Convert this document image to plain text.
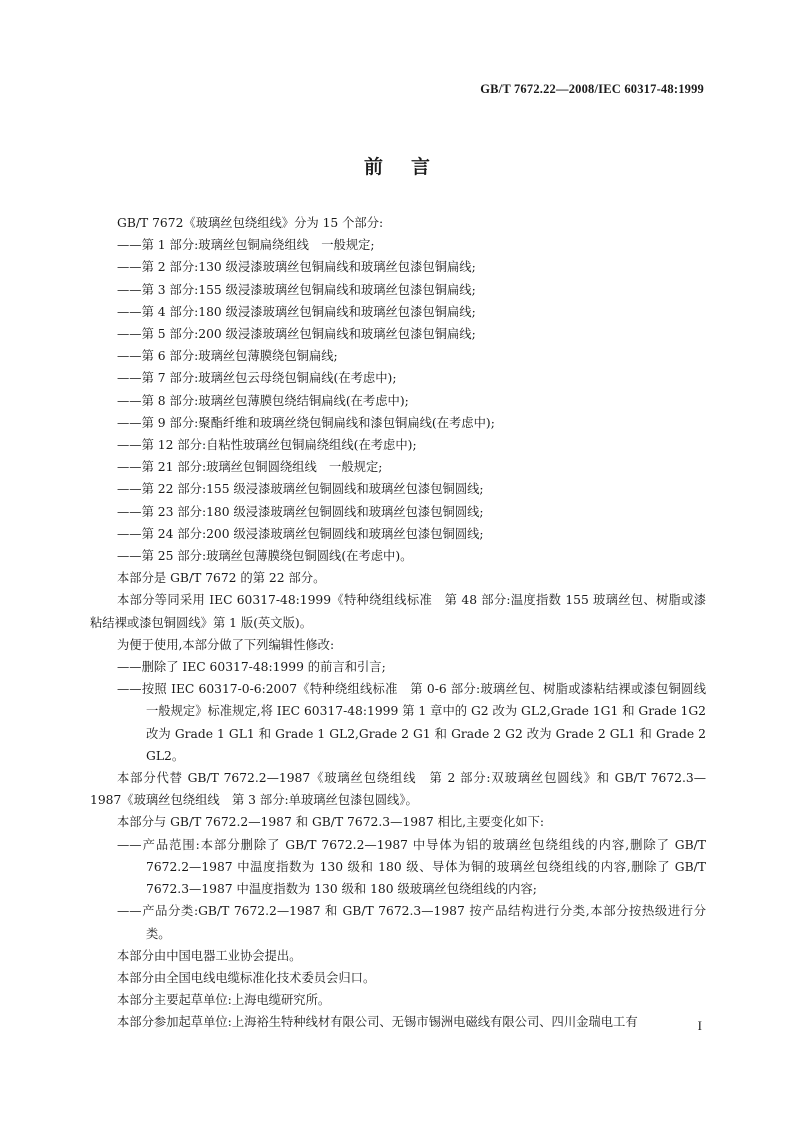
GB/T 7672.22—2008/IEC 60317-48:1999
前言
GB/T 7672《玻璃丝包绕组线》分为 15 个部分:
——第 1 部分:玻璃丝包铜扁绕组线　一般规定;
——第 2 部分:130 级浸漆玻璃丝包铜扁线和玻璃丝包漆包铜扁线;
——第 3 部分:155 级浸漆玻璃丝包铜扁线和玻璃丝包漆包铜扁线;
——第 4 部分:180 级浸漆玻璃丝包铜扁线和玻璃丝包漆包铜扁线;
——第 5 部分:200 级浸漆玻璃丝包铜扁线和玻璃丝包漆包铜扁线;
——第 6 部分:玻璃丝包薄膜绕包铜扁线;
——第 7 部分:玻璃丝包云母绕包铜扁线(在考虑中);
——第 8 部分:玻璃丝包薄膜包绕结铜扁线(在考虑中);
——第 9 部分:聚酯纤维和玻璃丝绕包铜扁线和漆包铜扁线(在考虑中);
——第 12 部分:自粘性玻璃丝包铜扁绕组线(在考虑中);
——第 21 部分:玻璃丝包铜圆绕组线　一般规定;
——第 22 部分:155 级浸漆玻璃丝包铜圆线和玻璃丝包漆包铜圆线;
——第 23 部分:180 级浸漆玻璃丝包铜圆线和玻璃丝包漆包铜圆线;
——第 24 部分:200 级浸漆玻璃丝包铜圆线和玻璃丝包漆包铜圆线;
——第 25 部分:玻璃丝包薄膜绕包铜圆线(在考虑中)。
本部分是 GB/T 7672 的第 22 部分。
本部分等同采用 IEC 60317-48:1999《特种绕组线标准　第 48 部分:温度指数 155 玻璃丝包、树脂或漆粘结裸或漆包铜圆线》第 1 版(英文版)。
为便于使用,本部分做了下列编辑性修改:
——删除了 IEC 60317-48:1999 的前言和引言;
——按照 IEC 60317-0-6:2007《特种绕组线标准　第 0-6 部分:玻璃丝包、树脂或漆粘结裸或漆包铜圆线　一般规定》标准规定,将 IEC 60317-48:1999 第 1 章中的 G2 改为 GL2,Grade 1G1 和 Grade 1G2 改为 Grade 1 GL1 和 Grade 1 GL2,Grade 2 G1 和 Grade 2 G2 改为 Grade 2 GL1 和 Grade 2 GL2。
本部分代替 GB/T 7672.2—1987《玻璃丝包绕组线　第 2 部分:双玻璃丝包圆线》和 GB/T 7672.3—1987《玻璃丝包绕组线　第 3 部分:单玻璃丝包漆包圆线》。
本部分与 GB/T 7672.2—1987 和 GB/T 7672.3—1987 相比,主要变化如下:
——产品范围:本部分删除了 GB/T 7672.2—1987 中导体为铝的玻璃丝包绕组线的内容,删除了 GB/T 7672.2—1987 中温度指数为 130 级和 180 级、导体为铜的玻璃丝包绕组线的内容,删除了 GB/T 7672.3—1987 中温度指数为 130 级和 180 级玻璃丝包绕组线的内容;
——产品分类:GB/T 7672.2—1987 和 GB/T 7672.3—1987 按产品结构进行分类,本部分按热级进行分类。
本部分由中国电器工业协会提出。
本部分由全国电线电缆标准化技术委员会归口。
本部分主要起草单位:上海电缆研究所。
本部分参加起草单位:上海裕生特种线材有限公司、无锡市锡洲电磁线有限公司、四川金瑞电工有	I
